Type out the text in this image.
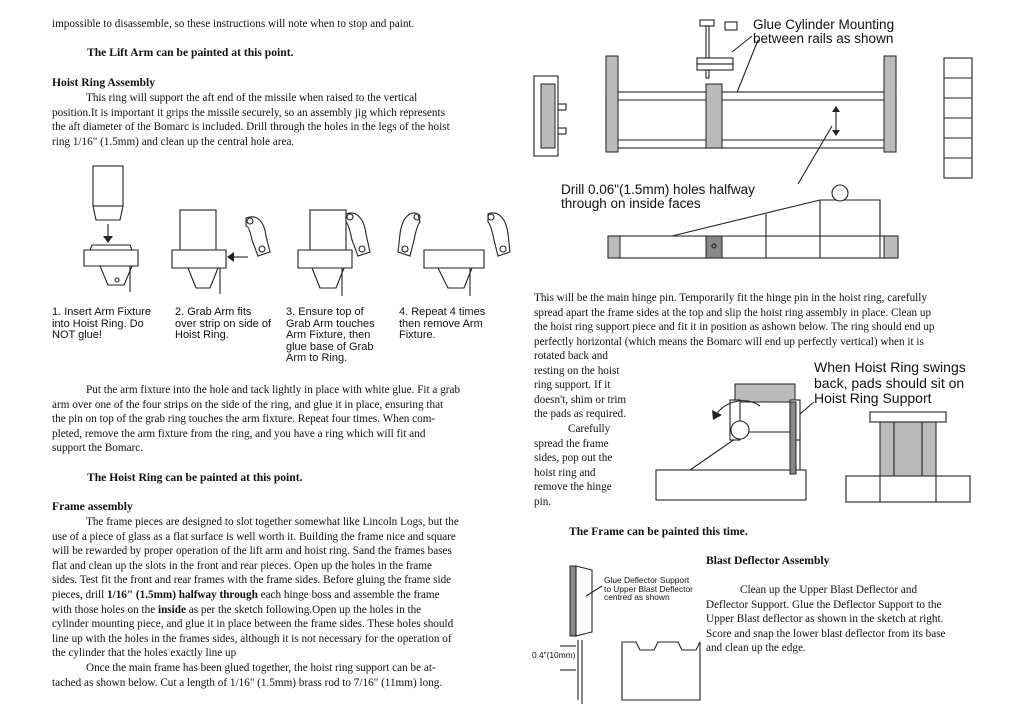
impossible to disassemble, so these instructions will note when to stop and paint.
The Lift Arm can be painted at this point.
Hoist Ring Assembly
This ring will support the aft end of the missile when raised to the vertical
position.It is important it grips the missile securely, so an assembly jig which represents
the aft diameter of the Bomarc is included. Drill through the holes in the legs of the hoist
ring 1/16" (1.5mm) and clean up the central hole area.
1. Insert Arm Fixture into Hoist Ring. Do NOT glue!
2. Grab Arm fits over strip on side of Hoist Ring.
3. Ensure top of Grab Arm touches Arm Fixture, then glue base of Grab Arm to Ring.
4. Repeat 4 times then remove Arm Fixture.
Put the arm fixture into the hole and tack lightly in place with white glue. Fit a grab
arm over one of the four strips on the side of the ring, and glue it in place, ensuring that
the pin on top of the grab ring touches the arm fixture. Repeat four times. When com-
pleted, remove the arm fixture from the ring, and you have a ring which will fit and
support the Bomarc.
The Hoist Ring can be painted at this point.
Frame assembly
The frame pieces are designed to slot together somewhat like Lincoln Logs, but the
use of a piece of glass as a flat surface is well worth it. Building the frame nice and square
will be rewarded by proper operation of the lift arm and hoist ring. Sand the frames bases
flat and clean up the slots in the front and rear pieces. Open up the holes in the frame
sides. Test fit the front and rear frames with the frame sides. Before gluing the frame side
pieces, drill 1/16" (1.5mm) halfway through each hinge boss and assemble the frame
with those holes on the inside as per the sketch following.Open up the holes in the
cylinder mounting piece, and glue it in place between the frame sides. These holes should
line up with the holes in the frames sides, although it is not necessary for the operation of
the cylinder that the holes exactly line up
Once the main frame has been glued together, the hoist ring support can be at-
tached as shown below. Cut a length of 1/16" (1.5mm) brass rod to 7/16" (11mm) long.
Glue Cylinder Mounting
between rails as shown
Drill 0.06"(1.5mm) holes halfway
through on inside faces
This will be the main hinge pin. Temporarily fit the hinge pin in the hoist ring, carefully
spread apart the frame sides at the top and slip the hoist ring assembly in place. Clean up
the hoist ring support piece and fit it in position as ashown below. The ring should end up
perfectly horizontal (which means the Bomarc will end up perfectly vertical) when it is
rotated back and
resting on the hoist
ring support. If it
doesn't, shim or trim
the pads as required.
Carefully
spread the frame
sides, pop out the
hoist ring and
remove the hinge
pin.
When Hoist Ring swings
back, pads should sit on
Hoist Ring Support
The Frame can be painted this time.
Blast Deflector Assembly
Glue Deflector Support
to Upper Blast Deflector
centred as shown
0.4"(10mm)
Clean up the Upper Blast Deflector and
Deflector Support. Glue the Deflector Support to the
Upper Blast deflector as shown in the sketch at right.
Score and snap the lower blast deflector from its base
and clean up the edge.
